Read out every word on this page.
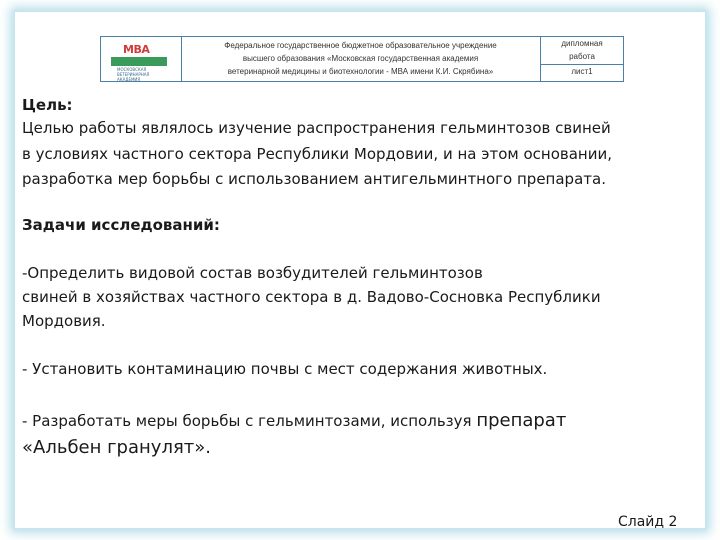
МВА
МОСКОВСКАЯ ВЕТЕРИНАРНАЯ АКАДЕМИЯ
Федеральное государственное бюджетное образовательное учреждение
высшего образования «Московская государственная академия
ветеринарной медицины и биотехнологии - МВА имени К.И. Скрябина»
дипломная
работа
лист1
Цель:
Целью работы являлось изучение распространения гельминтозов свиней
в условиях частного сектора Республики Мордовии, и на этом основании,
разработка мер борьбы с использованием антигельминтного препарата.
Задачи исследований:
-Определить видовой состав возбудителей гельминтозов
свиней в хозяйствах частного сектора в д. Вадово-Сосновка Республики
Мордовия.
- Установить контаминацию почвы с мест содержания животных.
- Разработать меры борьбы с гельминтозами, используя препарат
«Альбен гранулят».
Слайд 2
